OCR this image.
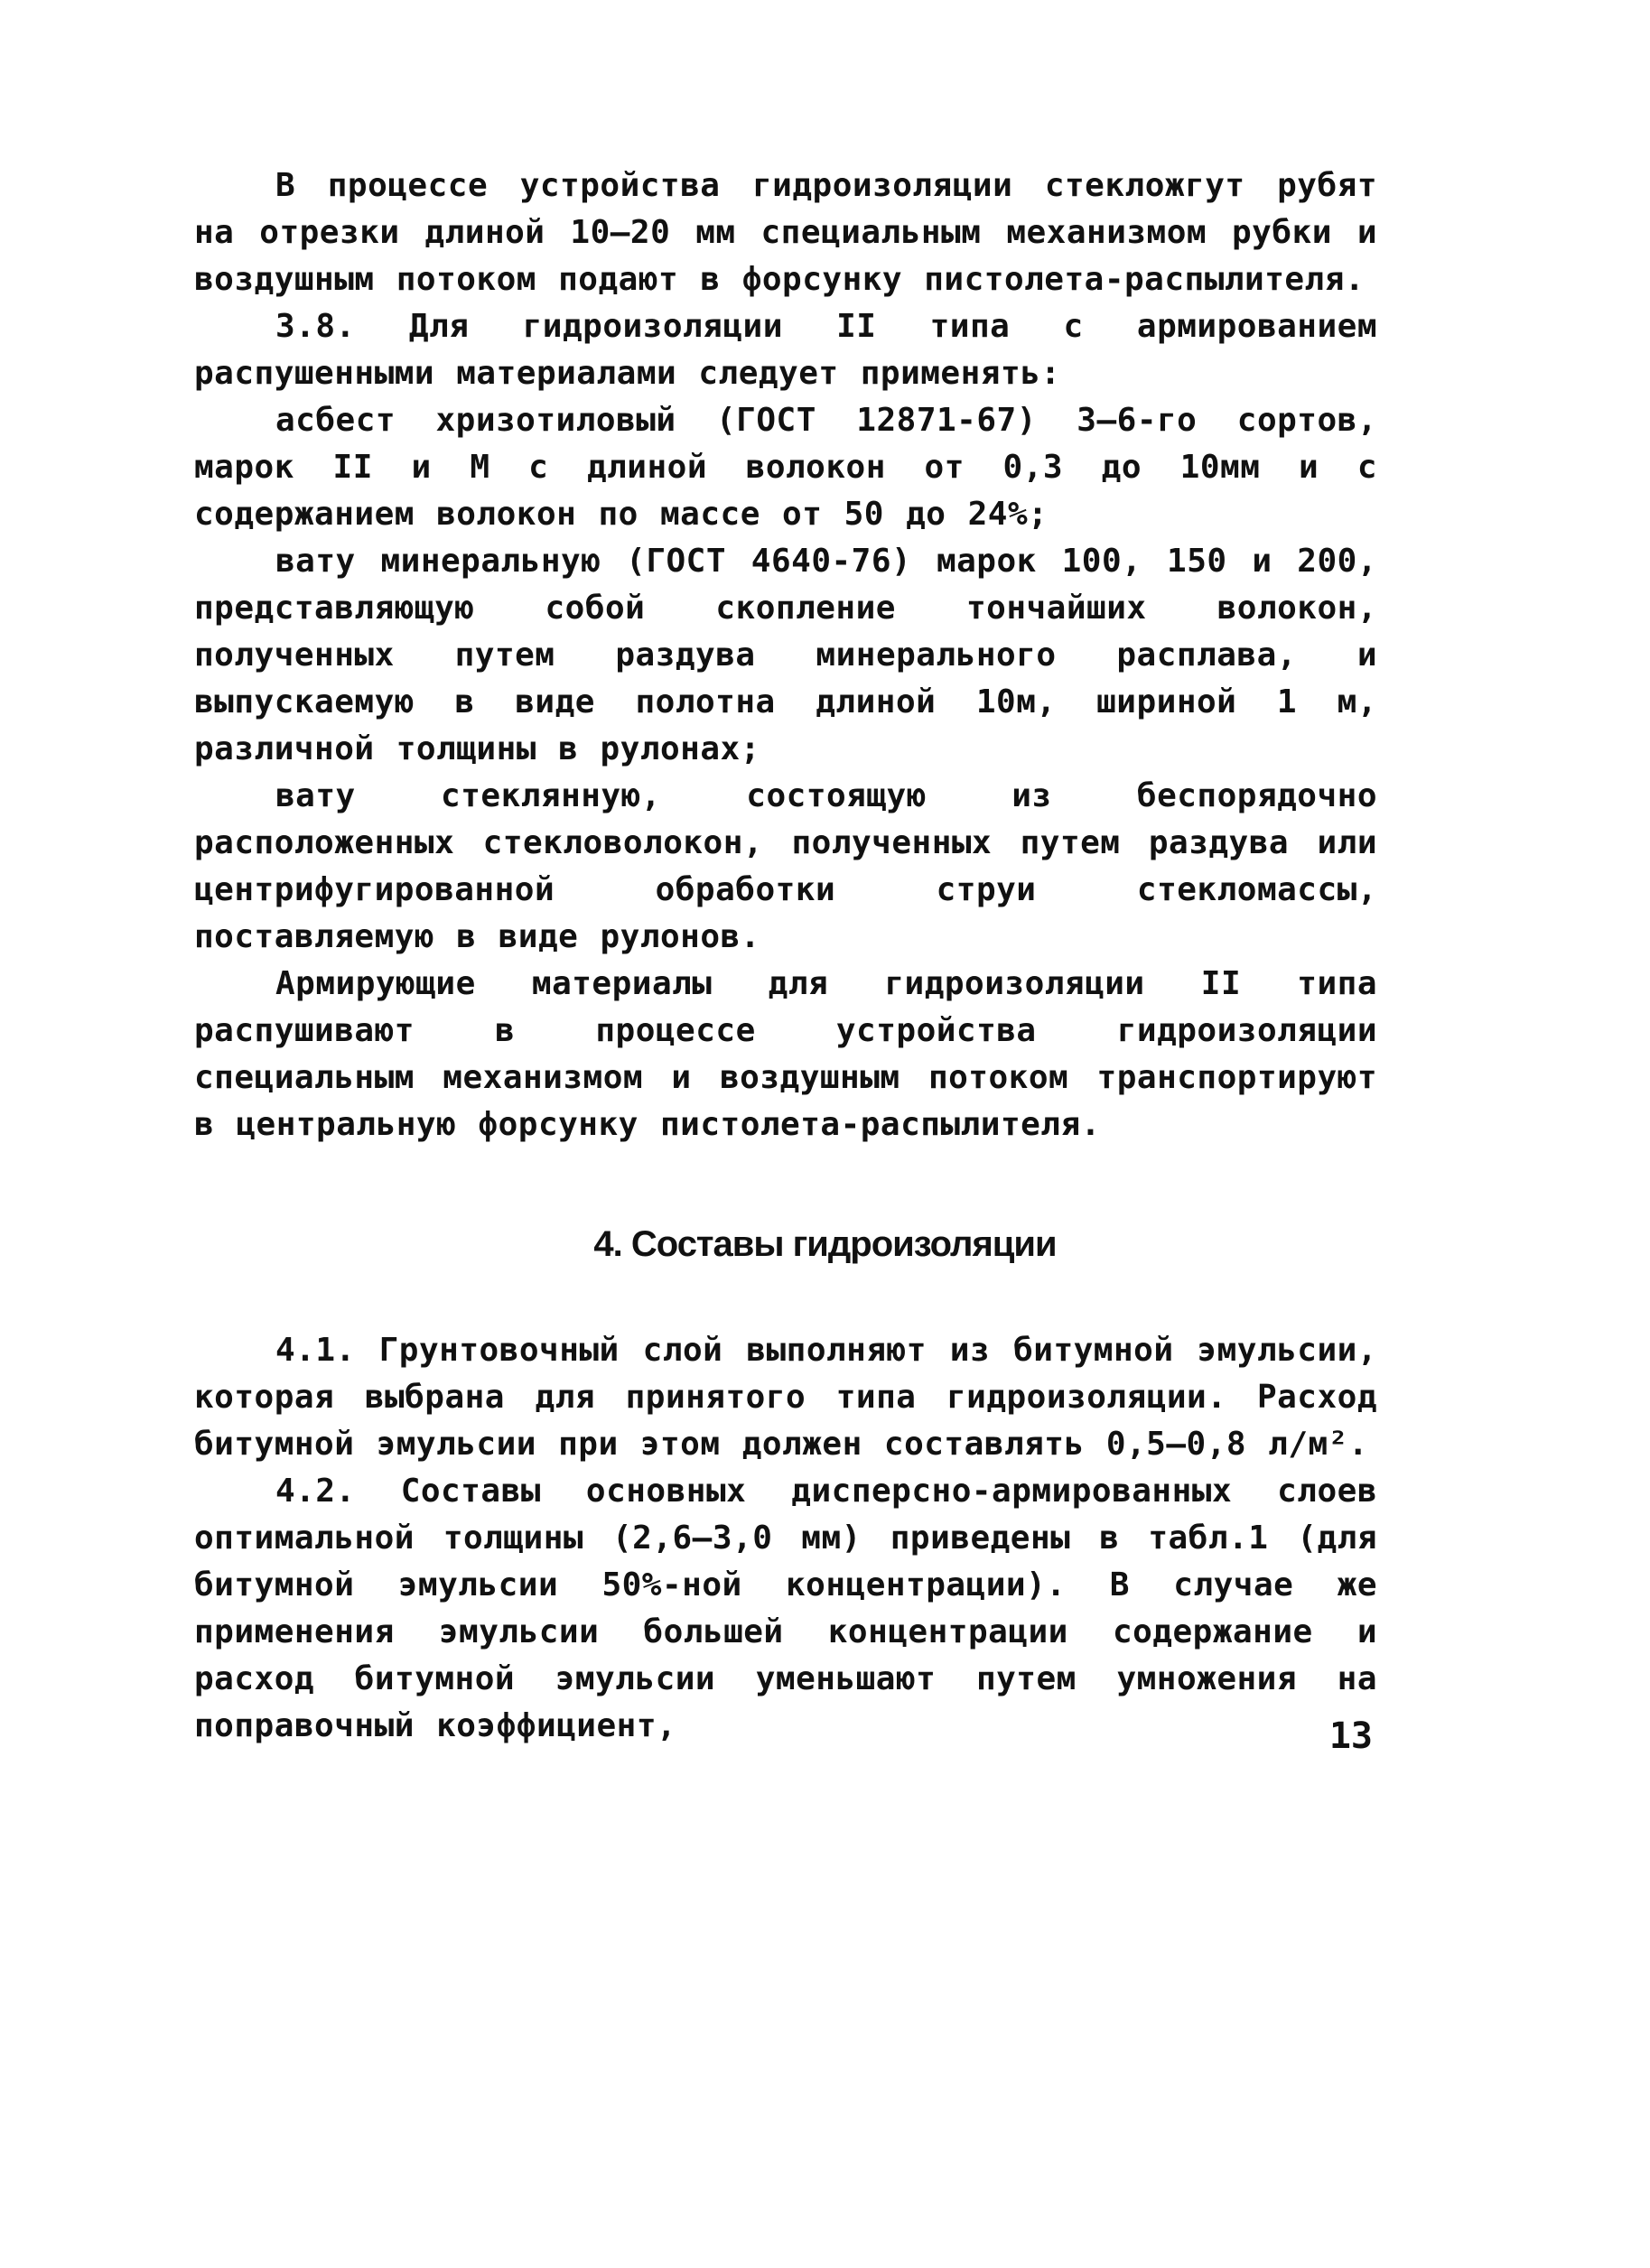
В процессе устройства гидроизоляции стекложгут рубят на отрезки длиной 10–20 мм специальным механизмом рубки и воздушным потоком подают в форсунку пистолета-распылителя.

3.8. Для гидроизоляции II типа с армированием распушенными материалами следует применять:

асбест хризотиловый (ГОСТ 12871-67) 3–6-го сортов, марок II и М с длиной волокон от 0,3 до 10мм и с содержанием волокон по массе от 50 до 24%;

вату минеральную (ГОСТ 4640-76) марок 100, 150 и 200, представляющую собой скопление тончайших волокон, полученных путем раздува минерального расплава, и выпускаемую в виде полотна длиной 10м, шириной 1 м, различной толщины в рулонах;

вату стеклянную, состоящую из беспорядочно расположенных стекловолокон, полученных путем раздува или центрифугированной обработки струи стекломассы, поставляемую в виде рулонов.

Армирующие материалы для гидроизоляции II типа распушивают в процессе устройства гидроизоляции специальным механизмом и воздушным потоком транспортируют в центральную форсунку пистолета-распылителя.

4. Составы гидроизоляции

4.1. Грунтовочный слой выполняют из битумной эмульсии, которая выбрана для принятого типа гидроизоляции. Расход битумной эмульсии при этом должен составлять 0,5–0,8 л/м².

4.2. Составы основных дисперсно-армированных слоев оптимальной толщины (2,6–3,0 мм) приведены в табл.1 (для битумной эмульсии 50%-ной концентрации). В случае же применения эмульсии большей концентрации содержание и расход битумной эмульсии уменьшают путем умножения на поправочный коэффициент,	13
